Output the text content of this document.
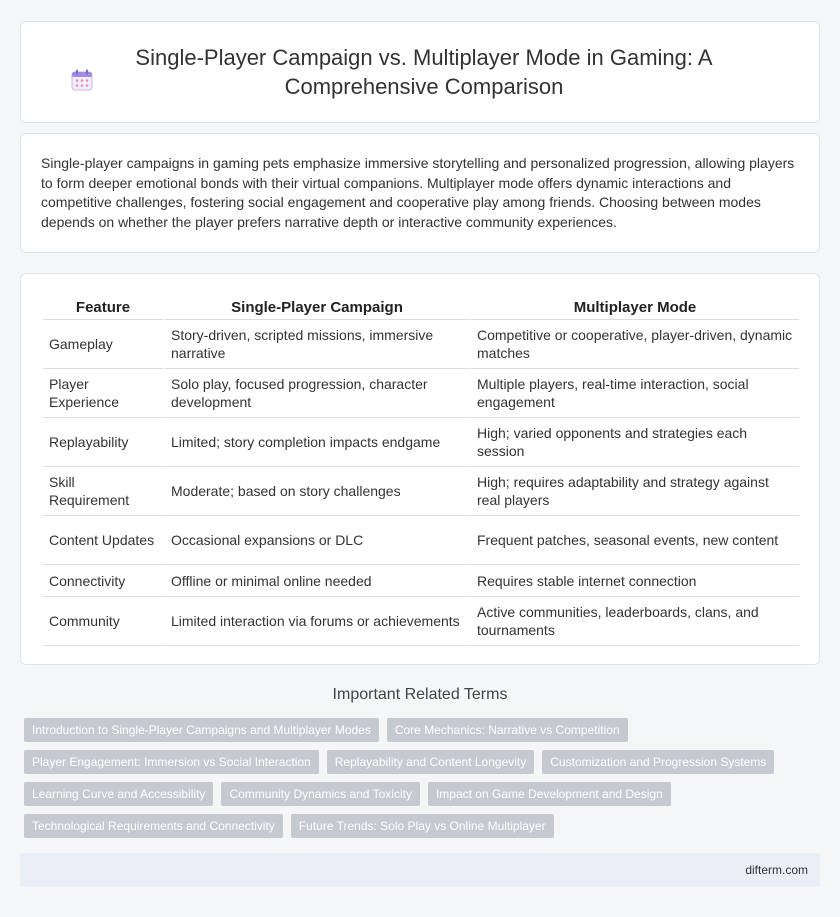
Single-Player Campaign vs. Multiplayer Mode in Gaming: A Comprehensive Comparison

Single-player campaigns in gaming pets emphasize immersive storytelling and personalized progression, allowing players to form deeper emotional bonds with their virtual companions. Multiplayer mode offers dynamic interactions and competitive challenges, fostering social engagement and cooperative play among friends. Choosing between modes depends on whether the player prefers narrative depth or interactive community experiences.

Feature	Single-Player Campaign	Multiplayer Mode
Gameplay	Story-driven, scripted missions, immersive narrative	Competitive or cooperative, player-driven, dynamic matches
Player Experience	Solo play, focused progression, character development	Multiple players, real-time interaction, social engagement
Replayability	Limited; story completion impacts endgame	High; varied opponents and strategies each session
Skill Requirement	Moderate; based on story challenges	High; requires adaptability and strategy against real players
Content Updates	Occasional expansions or DLC	Frequent patches, seasonal events, new content
Connectivity	Offline or minimal online needed	Requires stable internet connection
Community	Limited interaction via forums or achievements	Active communities, leaderboards, clans, and tournaments
Important Related Terms
Introduction to Single-Player Campaigns and Multiplayer Modes	Core Mechanics: Narrative vs Competition
Player Engagement: Immersion vs Social Interaction	Replayability and Content Longevity	Customization and Progression Systems
Learning Curve and Accessibility	Community Dynamics and Toxicity	Impact on Game Development and Design
Technological Requirements and Connectivity	Future Trends: Solo Play vs Online Multiplayer
difterm.com
